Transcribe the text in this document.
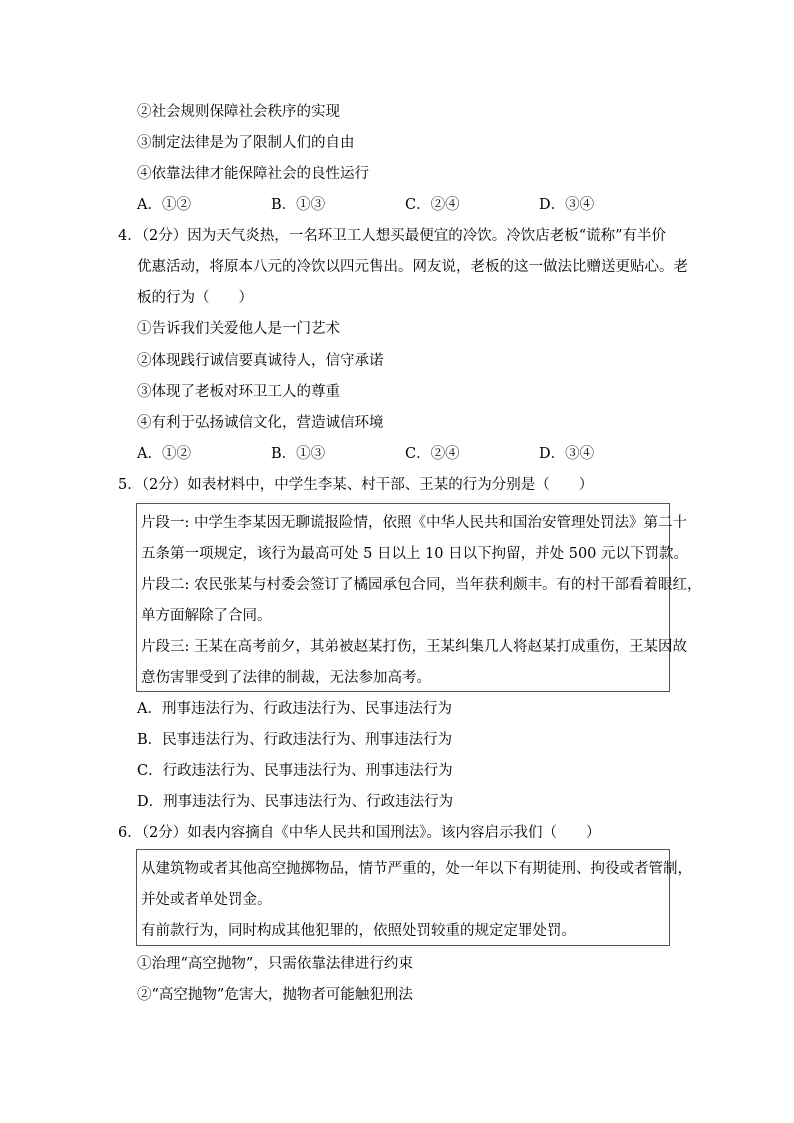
②社会规则保障社会秩序的实现
③制定法律是为了限制人们的自由
④依靠法律才能保障社会的良性运行
A．①②	B．①③	C．②④	D．③④
4．（2分）因为天气炎热，一名环卫工人想买最便宜的冷饮。冷饮店老板“谎称”有半价
优惠活动，将原本八元的冷饮以四元售出。网友说，老板的这一做法比赠送更贴心。老
板的行为（　　）
①告诉我们关爱他人是一门艺术
②体现践行诚信要真诚待人，信守承诺
③体现了老板对环卫工人的尊重
④有利于弘扬诚信文化，营造诚信环境
A．①②	B．①③	C．②④	D．③④
5．（2分）如表材料中，中学生李某、村干部、王某的行为分别是（　　）
片段一: 中学生李某因无聊谎报险情，依照《中华人民共和国治安管理处罚法》第二十
五条第一项规定，该行为最高可处 5 日以上 10 日以下拘留，并处 500 元以下罚款。
片段二: 农民张某与村委会签订了橘园承包合同，当年获利颇丰。有的村干部看着眼红，
单方面解除了合同。
片段三: 王某在高考前夕，其弟被赵某打伤，王某纠集几人将赵某打成重伤，王某因故
意伤害罪受到了法律的制裁，无法参加高考。
A．刑事违法行为、行政违法行为、民事违法行为
B．民事违法行为、行政违法行为、刑事违法行为
C．行政违法行为、民事违法行为、刑事违法行为
D．刑事违法行为、民事违法行为、行政违法行为
6．（2分）如表内容摘自《中华人民共和国刑法》。该内容启示我们（　　）
从建筑物或者其他高空抛掷物品，情节严重的，处一年以下有期徒刑、拘役或者管制，
并处或者单处罚金。
有前款行为，同时构成其他犯罪的，依照处罚较重的规定定罪处罚。
①治理“高空抛物”，只需依靠法律进行约束
②“高空抛物”危害大，抛物者可能触犯刑法
